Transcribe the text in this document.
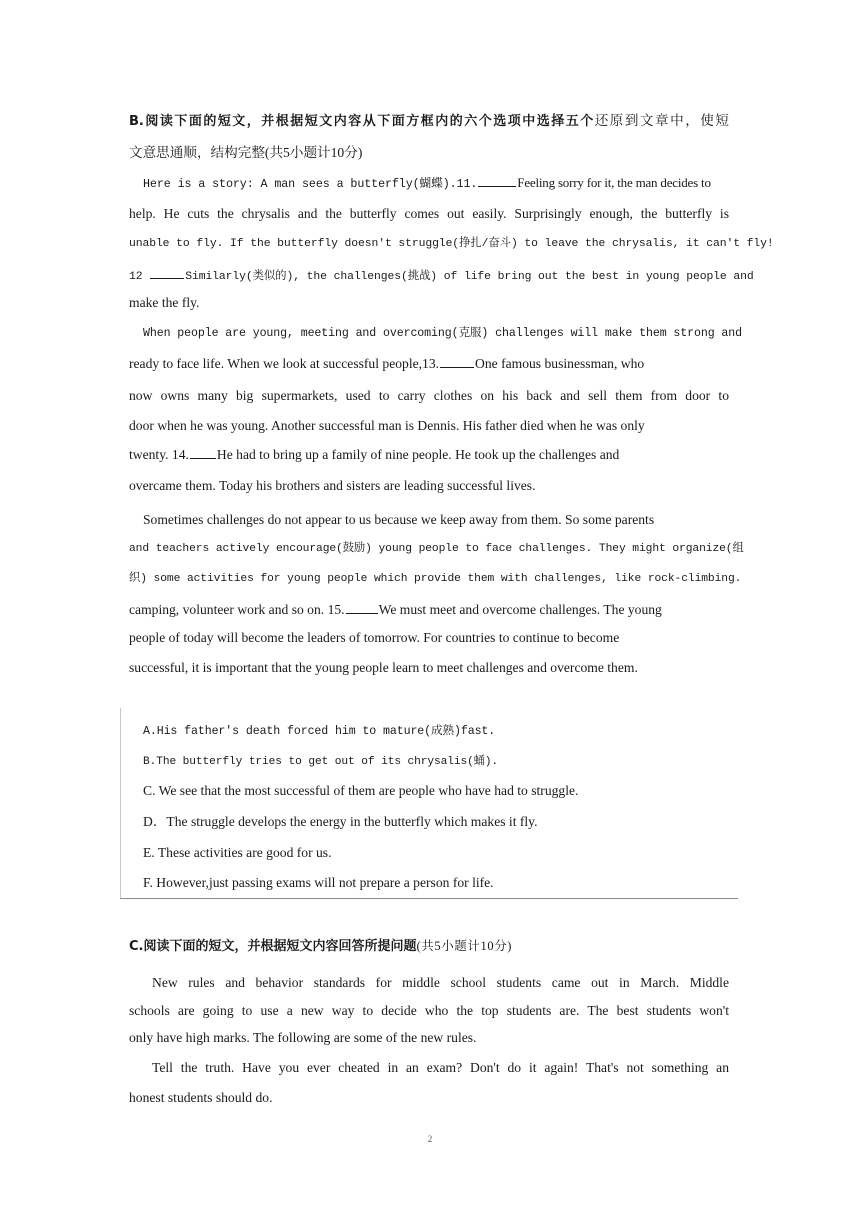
B.阅读下面的短文，并根据短文内容从下面方框内的六个选项中选择五个还原到文章中，使短
文意思通顺，结构完整(共5小题计10分)
Here is a story: A man sees a butterfly(蝴蝶).11.	Feeling sorry for it, the man decides to
help. He cuts the chrysalis and the butterfly comes out easily. Surprisingly enough, the butterfly is
unable to fly. If the butterfly doesn't struggle(挣扎/奋斗) to leave the chrysalis, it can't fly!
12	Similarly(类似的), the challenges(挑战) of life bring out the best in young people and
make the fly.
When people are young, meeting and overcoming(克服) challenges will make them strong and
ready to face life. When we look at successful people,13.	One famous businessman, who
now owns many big supermarkets, used to carry clothes on his back and sell them from door to
door when he was young. Another successful man is Dennis. His father died when he was only
twenty. 14. He had to bring up a family of nine people. He took up the challenges and
overcame them. Today his brothers and sisters are leading successful lives.
Sometimes challenges do not appear to us because we keep away from them. So some parents
and teachers actively encourage(鼓励) young people to face challenges. They might organize(组
织) some activities for young people which provide them with challenges, like rock-climbing.
camping, volunteer work and so on. 15.	We must meet and overcome challenges. The young
people of today will become the leaders of tomorrow. For countries to continue to become
successful, it is important that the young people learn to meet challenges and overcome them.
A.His father's death forced him to mature(成熟)fast.
B.The butterfly tries to get out of its chrysalis(蛹).
C. We see that the most successful of them are people who have had to struggle.
D．The struggle develops the energy in the butterfly which makes it fly.
E. These activities are good for us.
F. However,just passing exams will not prepare a person for life.
C.阅读下面的短文，并根据短文内容回答所提问题(共5小题计10分)
New rules and behavior standards for middle school students came out in March. Middle
schools are going to use a new way to decide who the top students are. The best students won't
only have high marks. The following are some of the new rules.
Tell the truth. Have you ever cheated in an exam? Don't do it again! That's not something an
honest students should do.
2
